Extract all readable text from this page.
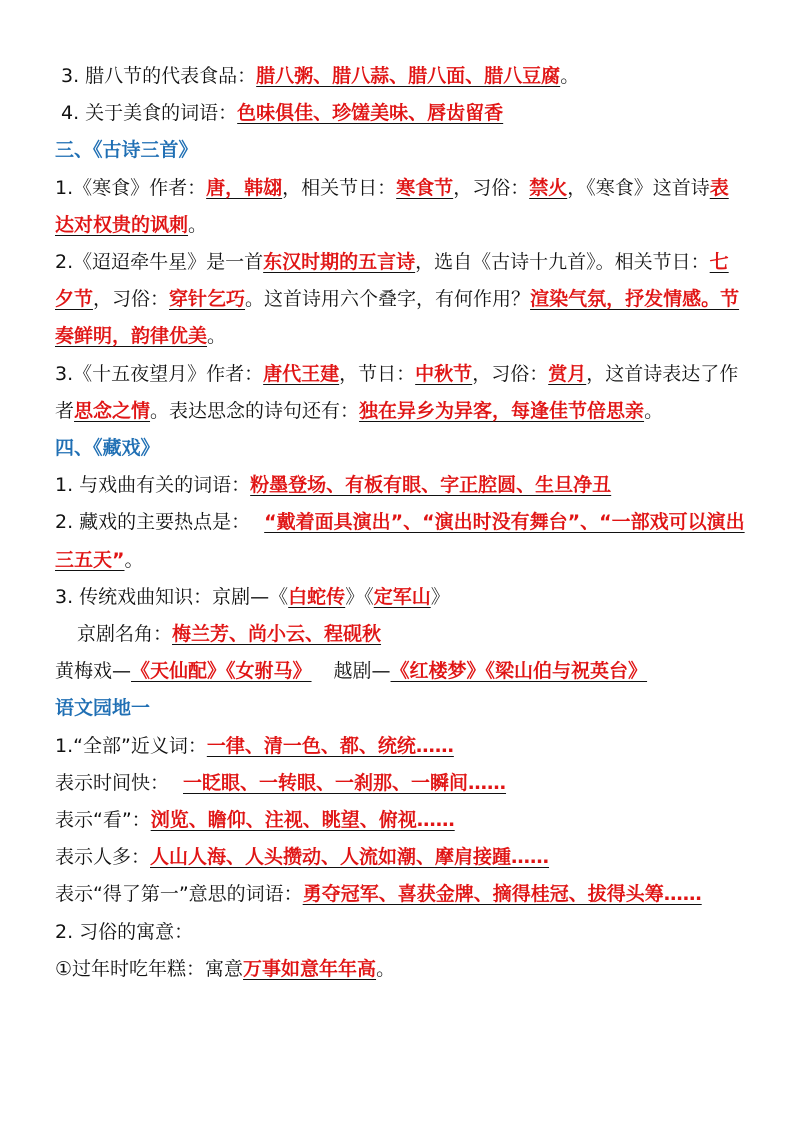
3. 腊八节的代表食品：腊八粥、腊八蒜、腊八面、腊八豆腐。
4. 关于美食的词语：色味俱佳、珍馐美味、唇齿留香
三、《古诗三首》
1.《寒食》作者：唐，韩翃，相关节日：寒食节，习俗：禁火，《寒食》这首诗表达对权贵的讽刺。
2.《迢迢牵牛星》是一首东汉时期的五言诗，选自《古诗十九首》。相关节日：七夕节，习俗：穿针乞巧。这首诗用六个叠字，有何作用？渲染气氛，抒发情感。节奏鲜明，韵律优美。
3.《十五夜望月》作者：唐代王建，节日：中秋节，习俗：赏月，这首诗表达了作者思念之情。表达思念的诗句还有：独在异乡为异客，每逢佳节倍思亲。
四、《藏戏》
1. 与戏曲有关的词语：粉墨登场、有板有眼、字正腔圆、生旦净丑
2. 藏戏的主要热点是： “戴着面具演出”、“演出时没有舞台”、“一部戏可以演出三五天”。
3. 传统戏曲知识：京剧—《白蛇传》《定军山》
京剧名角：梅兰芳、尚小云、程砚秋
黄梅戏—《天仙配》《女驸马》 越剧—《红楼梦》《梁山伯与祝英台》
语文园地一
1.“全部”近义词：一律、清一色、都、统统……
表示时间快： 一眨眼、一转眼、一刹那、一瞬间……
表示“看”：浏览、瞻仰、注视、眺望、俯视……
表示人多：人山人海、人头攒动、人流如潮、摩肩接踵……
表示“得了第一”意思的词语：勇夺冠军、喜获金牌、摘得桂冠、拔得头筹……
2. 习俗的寓意：
①过年时吃年糕：寓意万事如意年年高。
